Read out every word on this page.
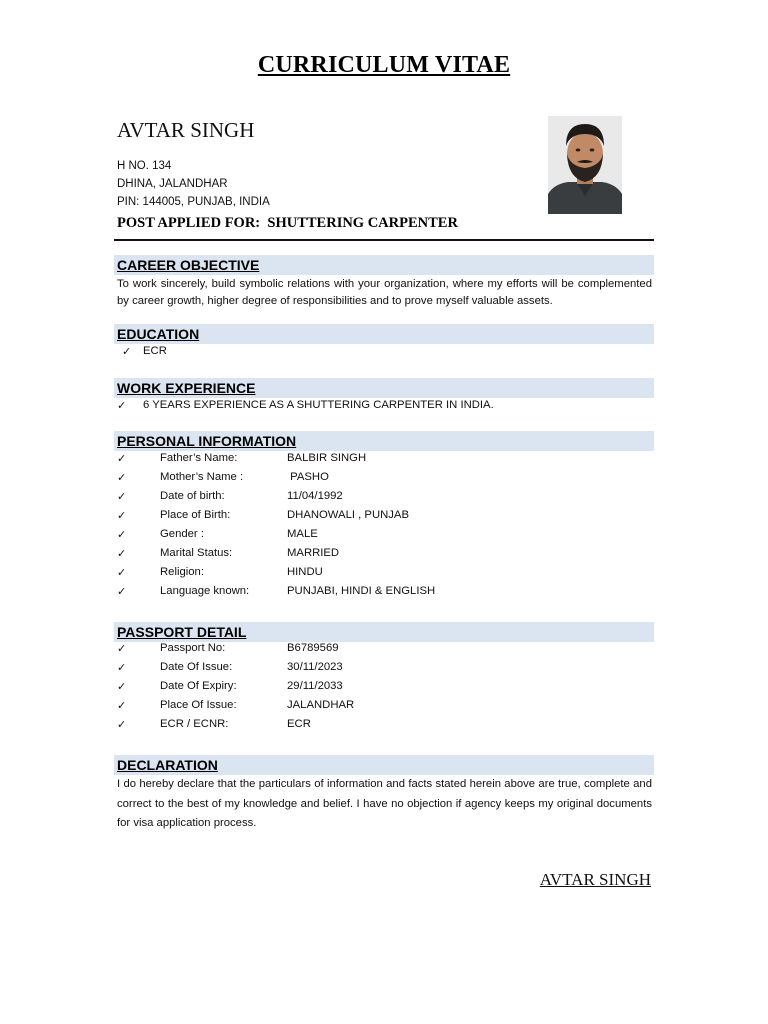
CURRICULUM VITAE
AVTAR SINGH
H NO. 134
DHINA, JALANDHAR
PIN: 144005, PUNJAB, INDIA
POST APPLIED FOR: SHUTTERING CARPENTER
CAREER OBJECTIVE
To work sincerely, build symbolic relations with your organization, where my efforts will be complemented by career growth, higher degree of responsibilities and to prove myself valuable assets.
EDUCATION
✓ ECR
WORK EXPERIENCE
✓ 6 YEARS EXPERIENCE AS A SHUTTERING CARPENTER IN INDIA.
PERSONAL INFORMATION
✓	Father’s Name:	BALBIR SINGH
✓	Mother’s Name :	PASHO
✓	Date of birth:	11/04/1992
✓	Place of Birth:	DHANOWALI , PUNJAB
✓	Gender :	MALE
✓	Marital Status:	MARRIED
✓	Religion:	HINDU
✓	Language known:	PUNJABI, HINDI & ENGLISH
PASSPORT DETAIL
✓	Passport No:	B6789569
✓	Date Of Issue:	30/11/2023
✓	Date Of Expiry:	29/11/2033
✓	Place Of Issue:	JALANDHAR
✓	ECR / ECNR:	ECR
DECLARATION
I do hereby declare that the particulars of information and facts stated herein above are true, complete and correct to the best of my knowledge and belief. I have no objection if agency keeps my original documents for visa application process.
AVTAR SINGH
